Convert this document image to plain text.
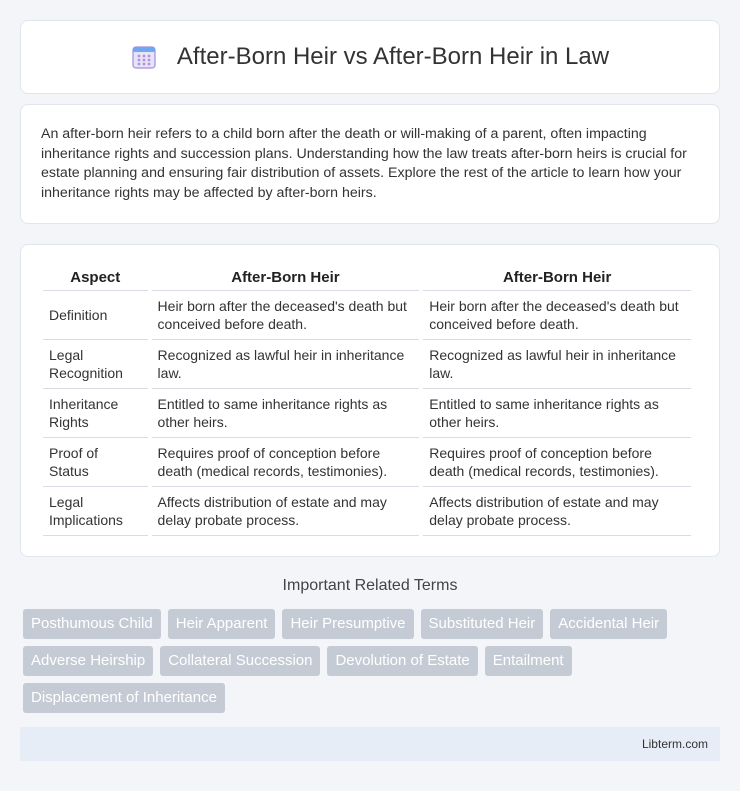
After-Born Heir vs After-Born Heir in Law

An after-born heir refers to a child born after the death or will-making of a parent, often impacting inheritance rights and succession plans. Understanding how the law treats after-born heirs is crucial for estate planning and ensuring fair distribution of assets. Explore the rest of the article to learn how your inheritance rights may be affected by after-born heirs.

Aspect	After-Born Heir	After-Born Heir
Definition	Heir born after the deceased's death but conceived before death.	Heir born after the deceased's death but conceived before death.
Legal Recognition	Recognized as lawful heir in inheritance law.	Recognized as lawful heir in inheritance law.
Inheritance Rights	Entitled to same inheritance rights as other heirs.	Entitled to same inheritance rights as other heirs.
Proof of Status	Requires proof of conception before death (medical records, testimonies).	Requires proof of conception before death (medical records, testimonies).
Legal Implications	Affects distribution of estate and may delay probate process.	Affects distribution of estate and may delay probate process.
Important Related Terms
Posthumous Child	Heir Apparent	Heir Presumptive	Substituted Heir	Accidental Heir
Adverse Heirship	Collateral Succession	Devolution of Estate	Entailment
Displacement of Inheritance
Libterm.com
